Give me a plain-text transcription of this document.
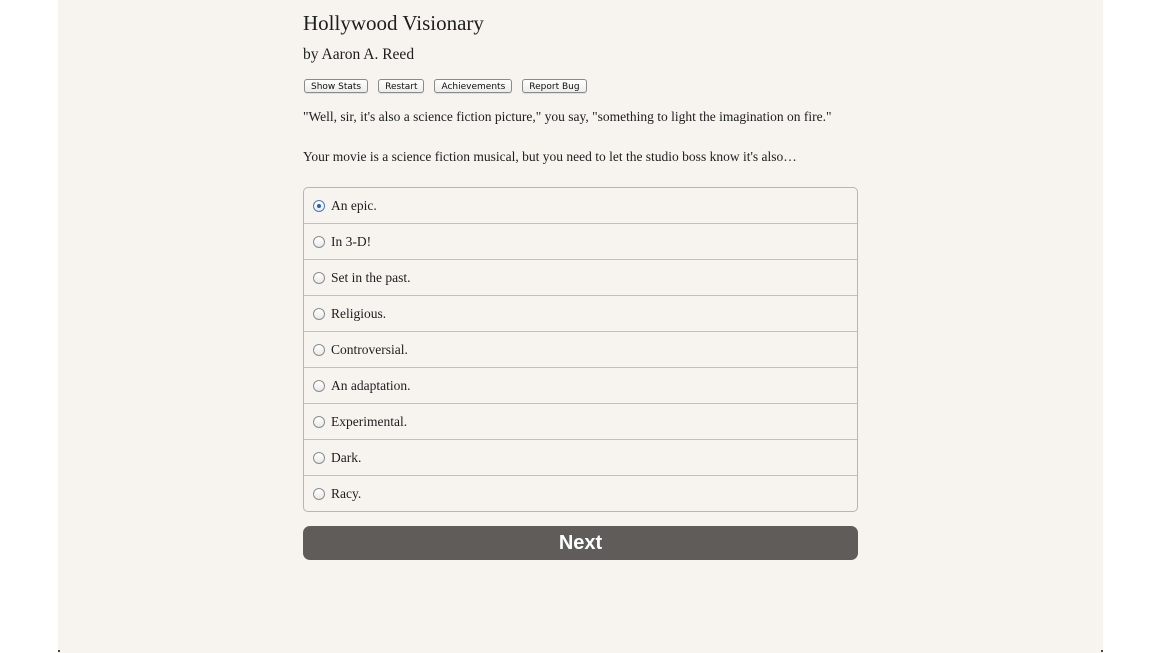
Hollywood Visionary
by Aaron A. Reed
Show Stats	Restart	Achievements	Report Bug

"Well, sir, it's also a science fiction picture," you say, "something to light the imagination on fire."

Your movie is a science fiction musical, but you need to let the studio boss know it's also…

An epic.
In 3-D!
Set in the past.
Religious.
Controversial.
An adaptation.
Experimental.
Dark.
Racy.
Next
